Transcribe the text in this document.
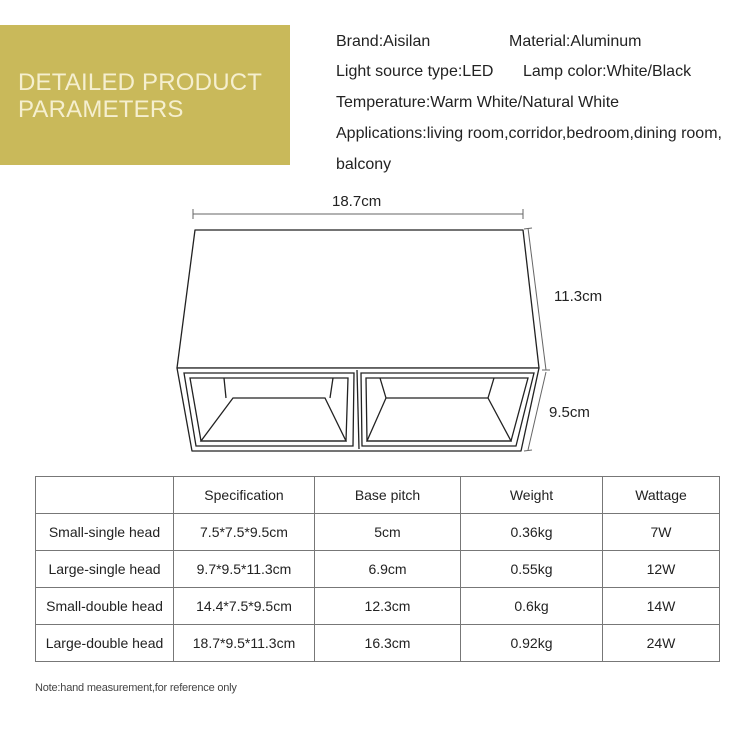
DETAILED PRODUCT PARAMETERS
Brand:Aisilan	Material:Aluminum
Light source type:LED Lamp color:White/Black
Temperature:Warm White/Natural White
Applications:living room,corridor,bedroom,dining room,
balcony
18.7cm
11.3cm
9.5cm
	Specification	Base pitch	Weight	Wattage
Small-single head	7.5*7.5*9.5cm	5cm	0.36kg	7W
Large-single head	9.7*9.5*11.3cm	6.9cm	0.55kg	12W
Small-double head	14.4*7.5*9.5cm	12.3cm	0.6kg	14W
Large-double head	18.7*9.5*11.3cm	16.3cm	0.92kg	24W
Note:hand measurement,for reference only
